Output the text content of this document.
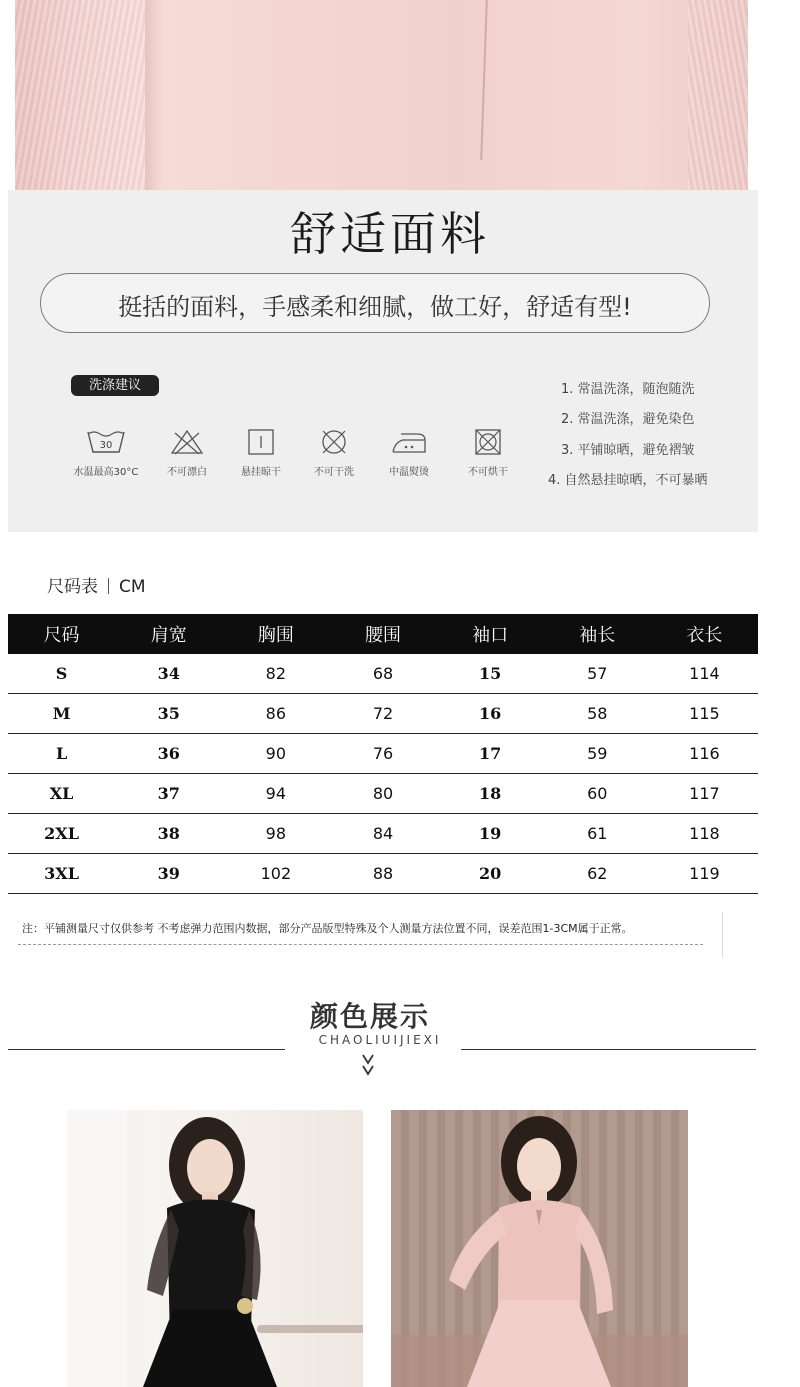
舒适面料
挺括的面料，手感柔和细腻，做工好，舒适有型!
洗涤建议
30
水温最高30°C	不可漂白	悬挂晾干	不可干洗	中温熨烫	不可烘干
1. 常温洗涤，随泡随洗
2. 常温洗涤，避免染色
3. 平铺晾晒，避免褶皱
4. 自然悬挂晾晒，不可暴晒
尺码表 CM
尺码	肩宽	胸围	腰围	袖口	袖长	衣长
S	34	82	68	15	57	114
M	35	86	72	16	58	115
L	36	90	76	17	59	116
XL	37	94	80	18	60	117
2XL	38	98	84	19	61	118
3XL	39	102	88	20	62	119
注：平铺测量尺寸仅供参考 不考虑弹力范围内数据，部分产品版型特殊及个人测量方法位置不同，误差范围1-3CM属于正常。
颜色展示
CHAOLIUIJIEXI
